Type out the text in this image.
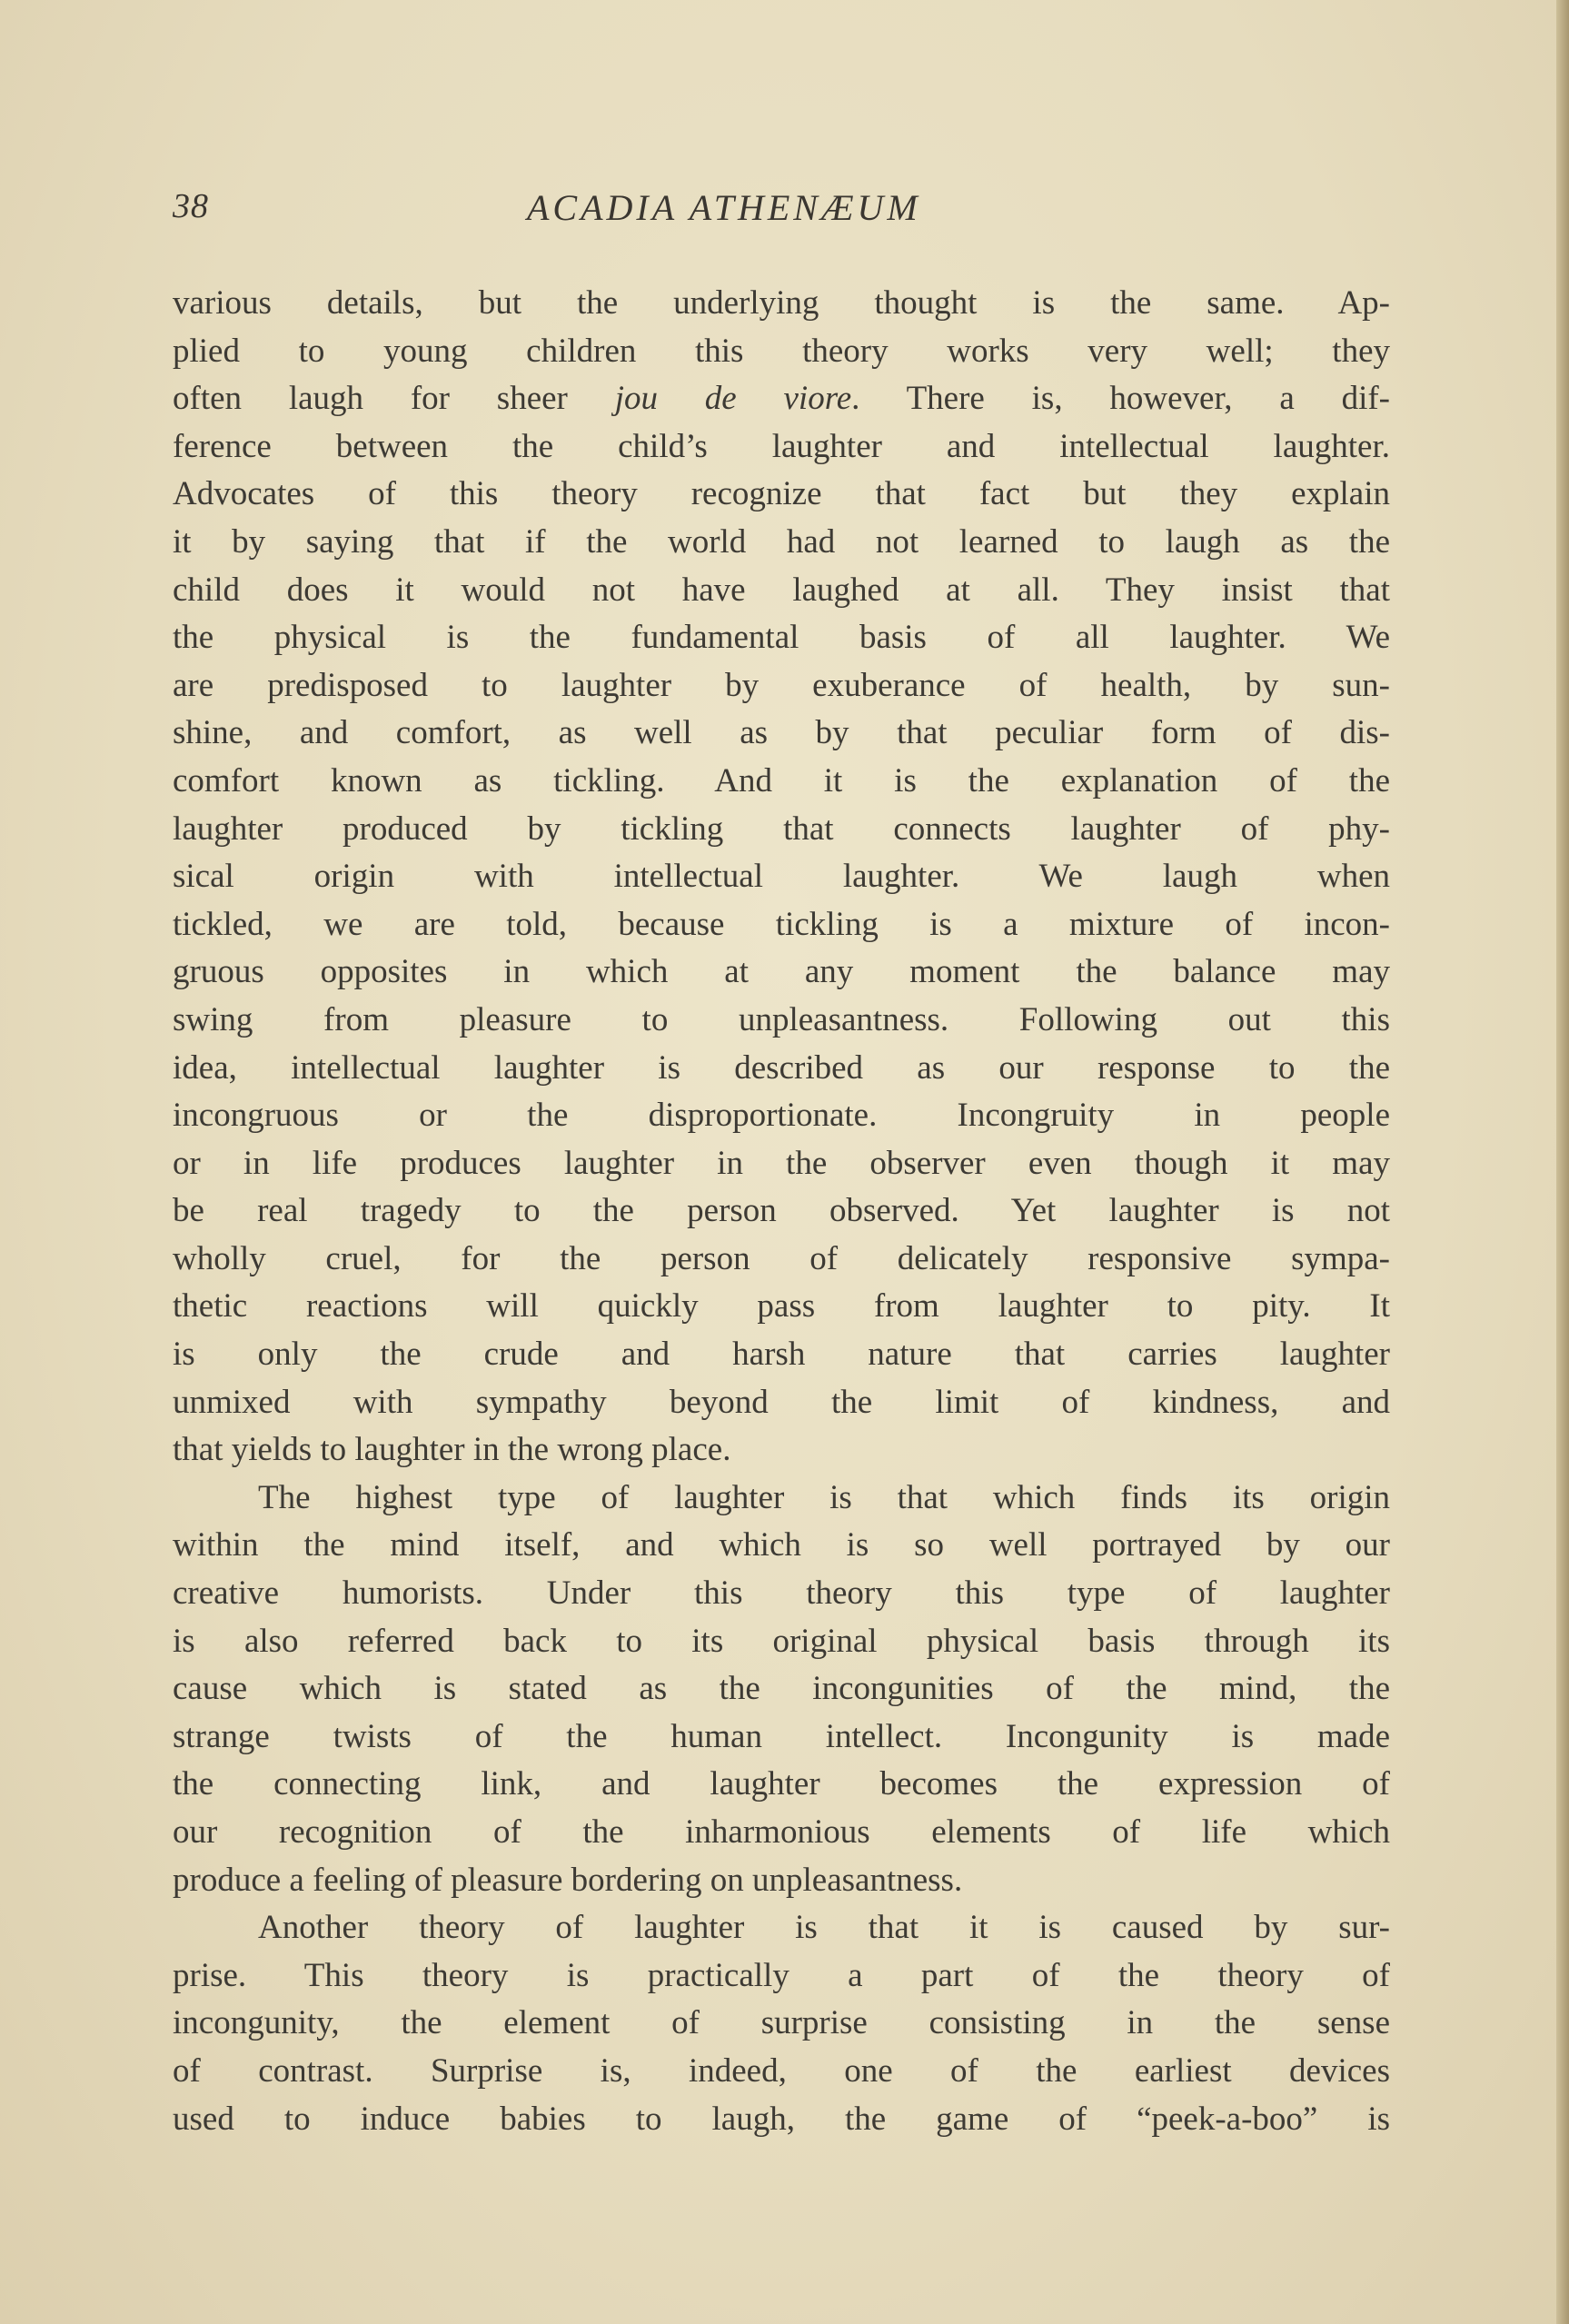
38	ACADIA ATHENÆUM

various details, but the underlying thought is the same. Ap-
plied to young children this theory works very well; they
often laugh for sheer jou de viore. There is, however, a dif-
ference between the child’s laughter and intellectual laughter.
Advocates of this theory recognize that fact but they explain
it by saying that if the world had not learned to laugh as the
child does it would not have laughed at all. They insist that
the physical is the fundamental basis of all laughter. We
are predisposed to laughter by exuberance of health, by sun-
shine, and comfort, as well as by that peculiar form of dis-
comfort known as tickling. And it is the explanation of the
laughter produced by tickling that connects laughter of phy-
sical origin with intellectual laughter. We laugh when
tickled, we are told, because tickling is a mixture of incon-
gruous opposites in which at any moment the balance may
swing from pleasure to unpleasantness. Following out this
idea, intellectual laughter is described as our response to the
incongruous or the disproportionate. Incongruity in people
or in life produces laughter in the observer even though it may
be real tragedy to the person observed. Yet laughter is not
wholly cruel, for the person of delicately responsive sympa-
thetic reactions will quickly pass from laughter to pity. It
is only the crude and harsh nature that carries laughter
unmixed with sympathy beyond the limit of kindness, and
that yields to laughter in the wrong place.

The highest type of laughter is that which finds its origin
within the mind itself, and which is so well portrayed by our
creative humorists. Under this theory this type of laughter
is also referred back to its original physical basis through its
cause which is stated as the incongunities of the mind, the
strange twists of the human intellect. Incongunity is made
the connecting link, and laughter becomes the expression of
our recognition of the inharmonious elements of life which
produce a feeling of pleasure bordering on unpleasantness.

Another theory of laughter is that it is caused by sur-
prise. This theory is practically a part of the theory of
incongunity, the element of surprise consisting in the sense
of contrast. Surprise is, indeed, one of the earliest devices
used to induce babies to laugh, the game of “peek-a-boo” is
